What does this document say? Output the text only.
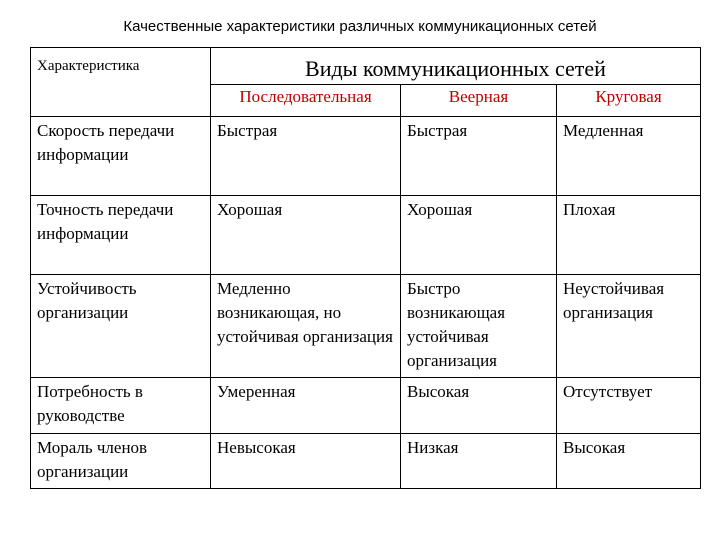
Качественные характеристики различных коммуникационных сетей
Характеристика	Виды коммуникационных сетей		
	Последовательная	Веерная	Круговая
Скорость передачи информации	Быстрая	Быстрая	Медленная
Точность передачи информации	Хорошая	Хорошая	Плохая
Устойчивость организации	Медленно возникающая, но устойчивая организация	Быстро возникающая устойчивая организация	Неустойчивая организация
Потребность в руководстве	Умеренная	Высокая	Отсутствует
Мораль членов организации	Невысокая	Низкая	Высокая
